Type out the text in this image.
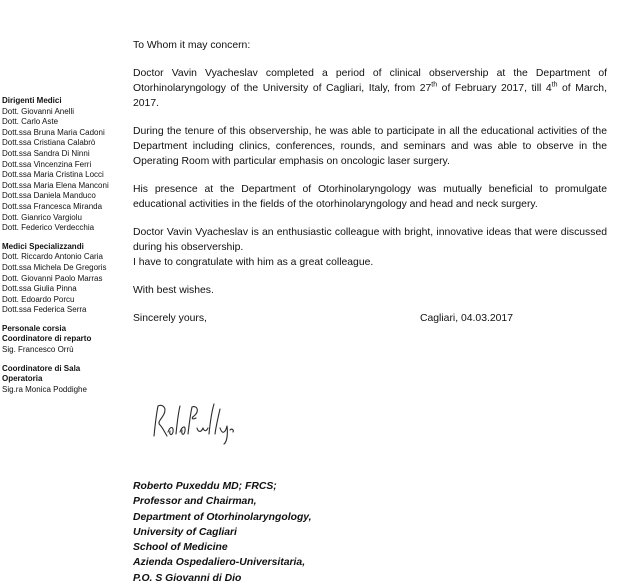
Dirigenti Medici
Dott. Giovanni Anelli
Dott. Carlo Aste
Dott.ssa Bruna Maria Cadoni
Dott.ssa Cristiana Calabrò
Dott.ssa Sandra Di Ninni
Dott.ssa Vincenzina Ferri
Dott.ssa Maria Cristina Locci
Dott.ssa Maria Elena Manconi
Dott.ssa Daniela Manduco
Dott.ssa Francesca Miranda
Dott. Gianrico Vargiolu
Dott. Federico Verdecchia
Medici Specializzandi
Dott. Riccardo Antonio Caria
Dott.ssa Michela De Gregoris
Dott. Giovanni Paolo Marras
Dott.ssa Giulia Pinna
Dott. Edoardo Porcu
Dott.ssa Federica Serra
Personale corsia
Coordinatore di reparto
Sig. Francesco Orrù
Coordinatore di Sala
Operatoria
Sig.ra Monica Poddighe

To Whom it may concern:

Doctor Vavin Vyacheslav completed a period of clinical observership at the Department of Otorhinolaryngology of the University of Cagliari, Italy, from 27th of February 2017, till 4th of March, 2017.

During the tenure of this observership, he was able to participate in all the educational activities of the Department including clinics, conferences, rounds, and seminars and was able to observe in the Operating Room with particular emphasis on oncologic laser surgery.

His presence at the Department of Otorhinolaryngology was mutually beneficial to promulgate educational activities in the fields of the otorhinolaryngology and head and neck surgery.

Doctor Vavin Vyacheslav is an enthusiastic colleague with bright, innovative ideas that were discussed during his observership.

I have to congratulate with him as a great colleague.

With best wishes.

Sincerely yours,	Cagliari, 04.03.2017
Roberto Puxeddu MD; FRCS;
Professor and Chairman,
Department of Otorhinolaryngology,
University of Cagliari
School of Medicine
Azienda Ospedaliero-Universitaria,
P.O. S Giovanni di Dio
